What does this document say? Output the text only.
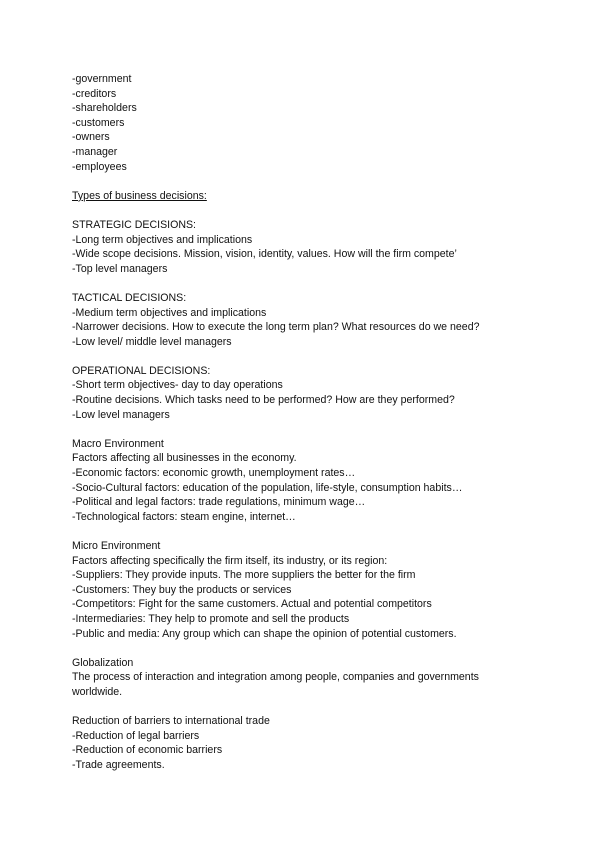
-government
-creditors
-shareholders
-customers
-owners
-manager
-employees
Types of business decisions:
STRATEGIC DECISIONS:
-Long term objectives and implications
-Wide scope decisions. Mission, vision, identity, values. How will the firm compete’
-Top level managers
TACTICAL DECISIONS:
-Medium term objectives and implications
-Narrower decisions. How to execute the long term plan? What resources do we need?
-Low level/ middle level managers
OPERATIONAL DECISIONS:
-Short term objectives- day to day operations
-Routine decisions. Which tasks need to be performed? How are they performed?
-Low level managers
Macro Environment
Factors affecting all businesses in the economy.
-Economic factors: economic growth, unemployment rates…
-Socio-Cultural factors: education of the population, life-style, consumption habits…
-Political and legal factors: trade regulations, minimum wage…
-Technological factors: steam engine, internet…
Micro Environment
Factors affecting specifically the firm itself, its industry, or its region:
-Suppliers: They provide inputs. The more suppliers the better for the firm
-Customers: They buy the products or services
-Competitors: Fight for the same customers. Actual and potential competitors
-Intermediaries: They help to promote and sell the products
-Public and media: Any group which can shape the opinion of potential customers.
Globalization
The process of interaction and integration among people, companies and governments
worldwide.
Reduction of barriers to international trade
-Reduction of legal barriers
-Reduction of economic barriers
-Trade agreements.
